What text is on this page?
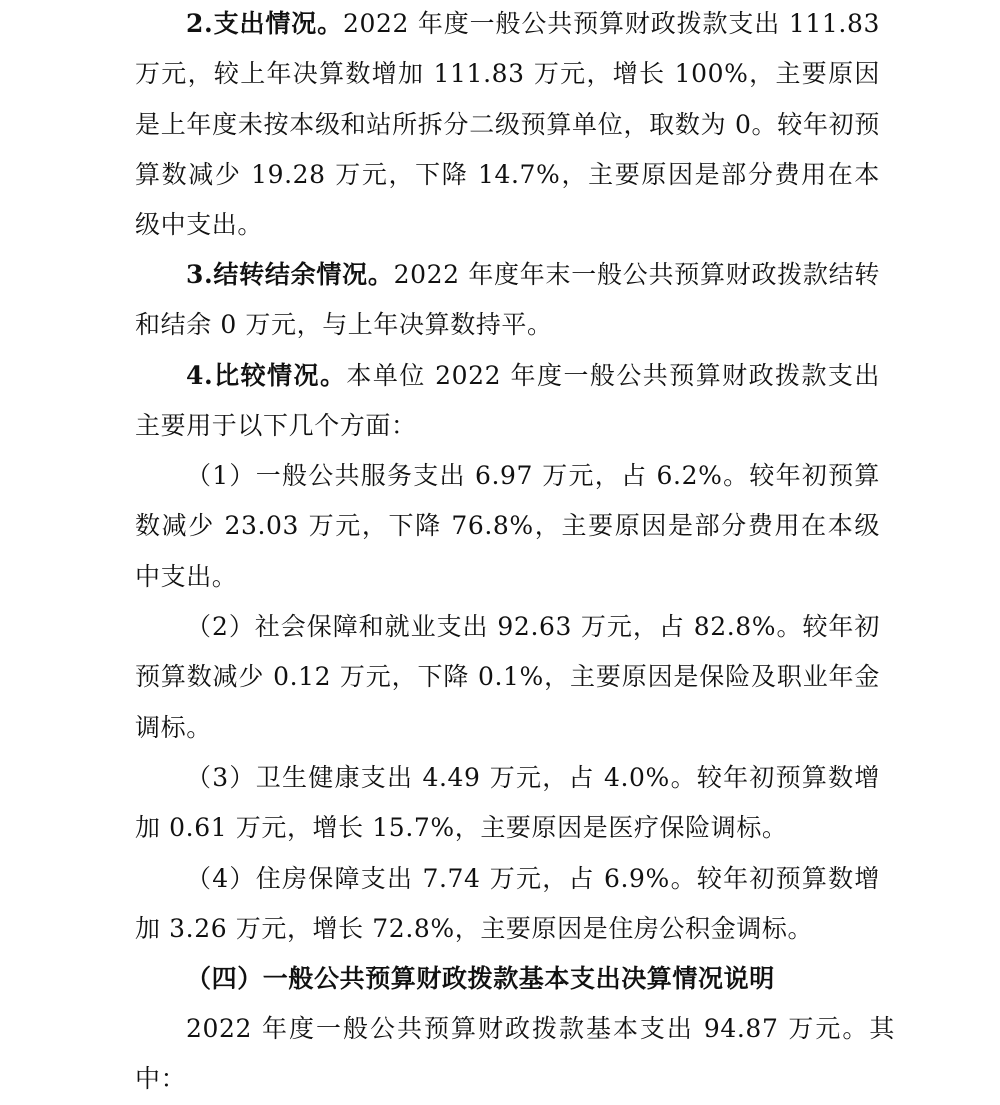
2.支出情况。2022 年度一般公共预算财政拨款支出 111.83 万元，较上年决算数增加 111.83 万元，增长 100%，主要原因是上年度未按本级和站所拆分二级预算单位，取数为 0。较年初预算数减少 19.28 万元，下降 14.7%，主要原因是部分费用在本级中支出。

3.结转结余情况。2022 年度年末一般公共预算财政拨款结转和结余 0 万元，与上年决算数持平。

4.比较情况。本单位 2022 年度一般公共预算财政拨款支出主要用于以下几个方面：

（1）一般公共服务支出 6.97 万元，占 6.2%。较年初预算数减少 23.03 万元，下降 76.8%，主要原因是部分费用在本级中支出。

（2）社会保障和就业支出 92.63 万元，占 82.8%。较年初预算数减少 0.12 万元，下降 0.1%，主要原因是保险及职业年金调标。

（3）卫生健康支出 4.49 万元，占 4.0%。较年初预算数增加 0.61 万元，增长 15.7%，主要原因是医疗保险调标。

（4）住房保障支出 7.74 万元，占 6.9%。较年初预算数增加 3.26 万元，增长 72.8%，主要原因是住房公积金调标。

（四）一般公共预算财政拨款基本支出决算情况说明

2022 年度一般公共预算财政拨款基本支出 94.87 万元。其中：
